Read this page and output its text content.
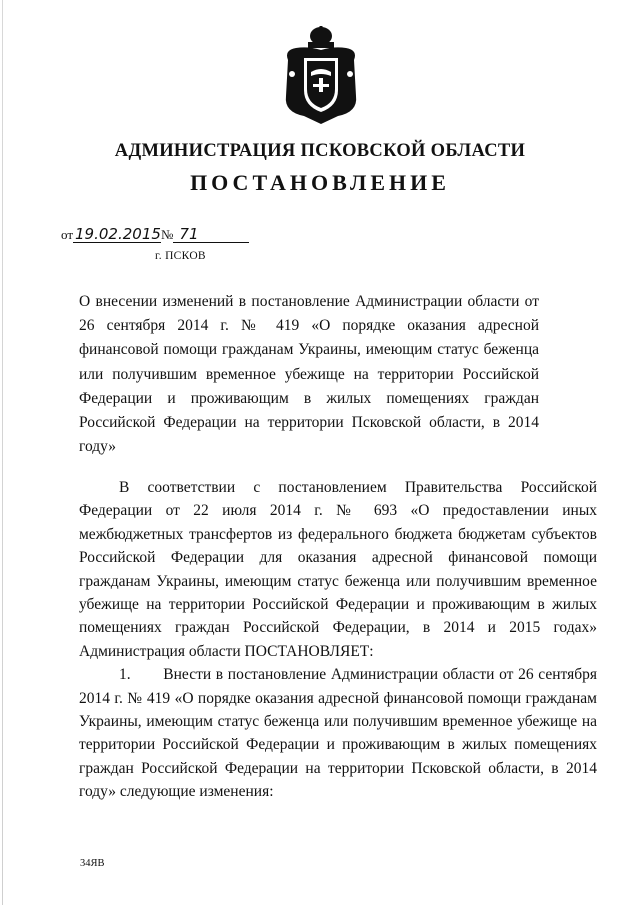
АДМИНИСТРАЦИЯ ПСКОВСКОЙ ОБЛАСТИ
ПОСТАНОВЛЕНИЕ
от 19.02.2015№ 71
г. ПСКОВ
О внесении изменений в постановление Администрации области от 26 сентября 2014 г. № 419 «О порядке оказания адресной финансовой помощи гражданам Украины, имеющим статус беженца или получившим временное убежище на территории Российской Федерации и проживающим в жилых помещениях граждан Российской Федерации на территории Псковской области, в 2014 году»

В соответствии с постановлением Правительства Российской Федерации от 22 июля 2014 г. № 693 «О предоставлении иных межбюджетных трансфертов из федерального бюджета бюджетам субъектов Российской Федерации для оказания адресной финансовой помощи гражданам Украины, имеющим статус беженца или получившим временное убежище на территории Российской Федерации и проживающим в жилых помещениях граждан Российской Федерации, в 2014 и 2015 годах» Администрация области ПОСТАНОВЛЯЕТ:

1. Внести в постановление Администрации области от 26 сентября 2014 г. № 419 «О порядке оказания адресной финансовой помощи гражданам Украины, имеющим статус беженца или получившим временное убежище на территории Российской Федерации и проживающим в жилых помещениях граждан Российской Федерации на территории Псковской области, в 2014 году» следующие изменения:

34ЯВ
